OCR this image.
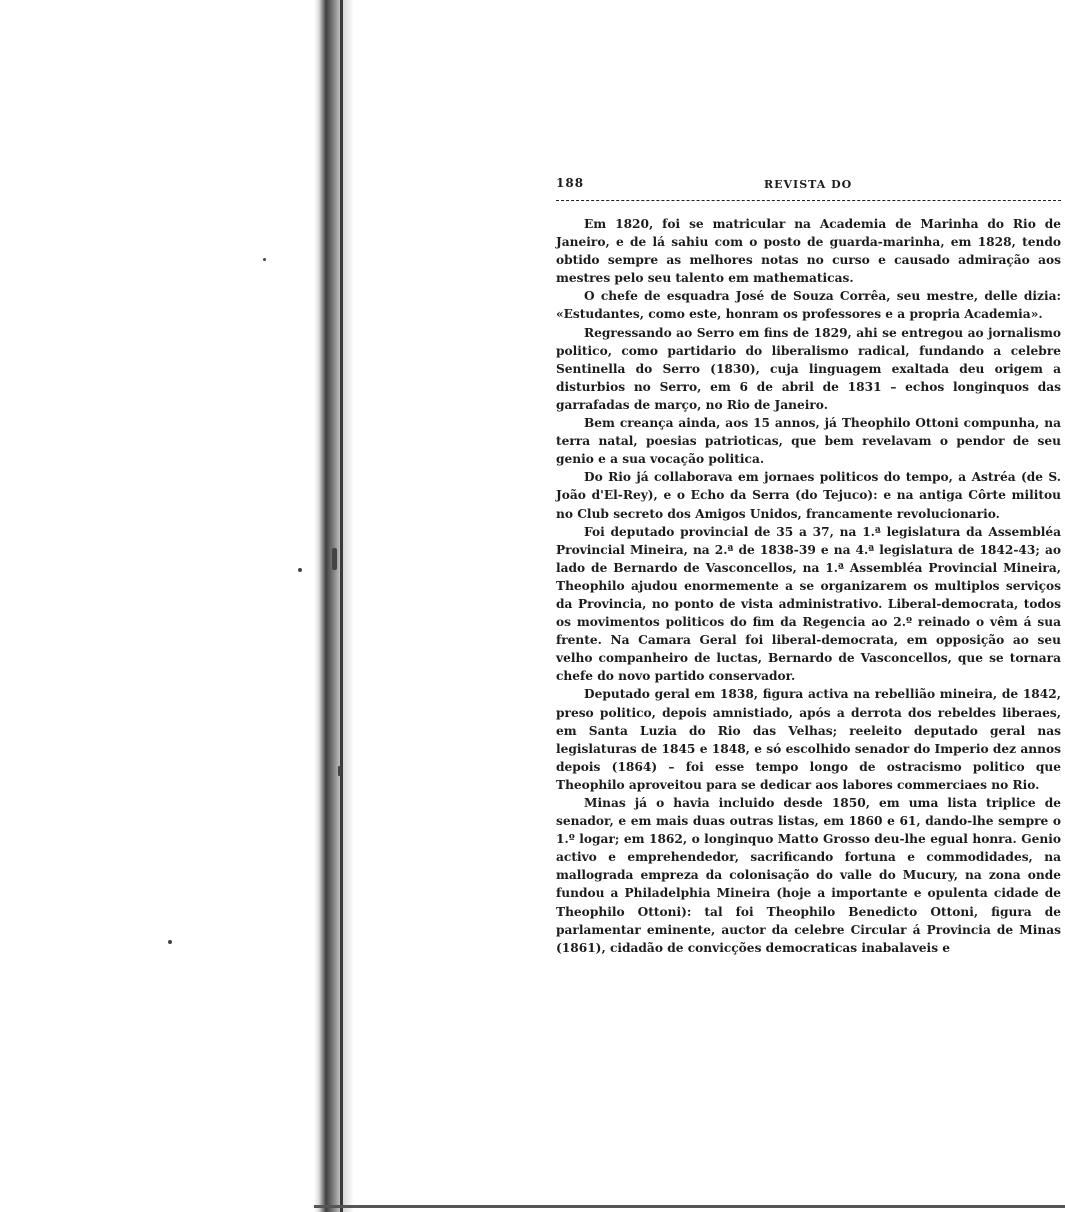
188	REVISTA DO

Em 1820, foi se matricular na Academia de Marinha do Rio de Janeiro, e de lá sahiu com o posto de guarda-marinha, em 1828, tendo obtido sempre as melhores notas no curso e causado admiração aos mestres pelo seu talento em mathematicas.

O chefe de esquadra José de Souza Corrêa, seu mestre, delle dizia: «Estudantes, como este, honram os professores e a propria Academia».

Regressando ao Serro em fins de 1829, ahi se entregou ao jornalismo politico, como partidario do liberalismo radical, fundando a celebre Sentinella do Serro (1830), cuja linguagem exaltada deu origem a disturbios no Serro, em 6 de abril de 1831 – echos longinquos das garrafadas de março, no Rio de Janeiro.

Bem creança ainda, aos 15 annos, já Theophilo Ottoni compunha, na terra natal, poesias patrioticas, que bem revelavam o pendor de seu genio e a sua vocação politica.

Do Rio já collaborava em jornaes politicos do tempo, a Astréa (de S. João d'El-Rey), e o Echo da Serra (do Tejuco): e na antiga Côrte militou no Club secreto dos Amigos Unidos, francamente revolucionario.

Foi deputado provincial de 35 a 37, na 1.ª legislatura da Assembléa Provincial Mineira, na 2.ª de 1838-39 e na 4.ª legislatura de 1842-43; ao lado de Bernardo de Vasconcellos, na 1.ª Assembléa Provincial Mineira, Theophilo ajudou enormemente a se organizarem os multiplos serviços da Provincia, no ponto de vista administrativo. Liberal-democrata, todos os movimentos politicos do fim da Regencia ao 2.º reinado o vêm á sua frente. Na Camara Geral foi liberal-democrata, em opposição ao seu velho companheiro de luctas, Bernardo de Vasconcellos, que se tornara chefe do novo partido conservador.

Deputado geral em 1838, figura activa na rebellião mineira, de 1842, preso politico, depois amnistiado, após a derrota dos rebeldes liberaes, em Santa Luzia do Rio das Velhas; reeleito deputado geral nas legislaturas de 1845 e 1848, e só escolhido senador do Imperio dez annos depois (1864) – foi esse tempo longo de ostracismo politico que Theophilo aproveitou para se dedicar aos labores commerciaes no Rio.

Minas já o havia incluido desde 1850, em uma lista triplice de senador, e em mais duas outras listas, em 1860 e 61, dando-lhe sempre o 1.º logar; em 1862, o longinquo Matto Grosso deu-lhe egual honra. Genio activo e emprehendedor, sacrificando fortuna e commodidades, na mallograda empreza da colonisação do valle do Mucury, na zona onde fundou a Philadelphia Mineira (hoje a importante e opulenta cidade de Theophilo Ottoni): tal foi Theophilo Benedicto Ottoni, figura de parlamentar eminente, auctor da celebre Circular á Provincia de Minas (1861), cidadão de convicções democraticas inabalaveis e
